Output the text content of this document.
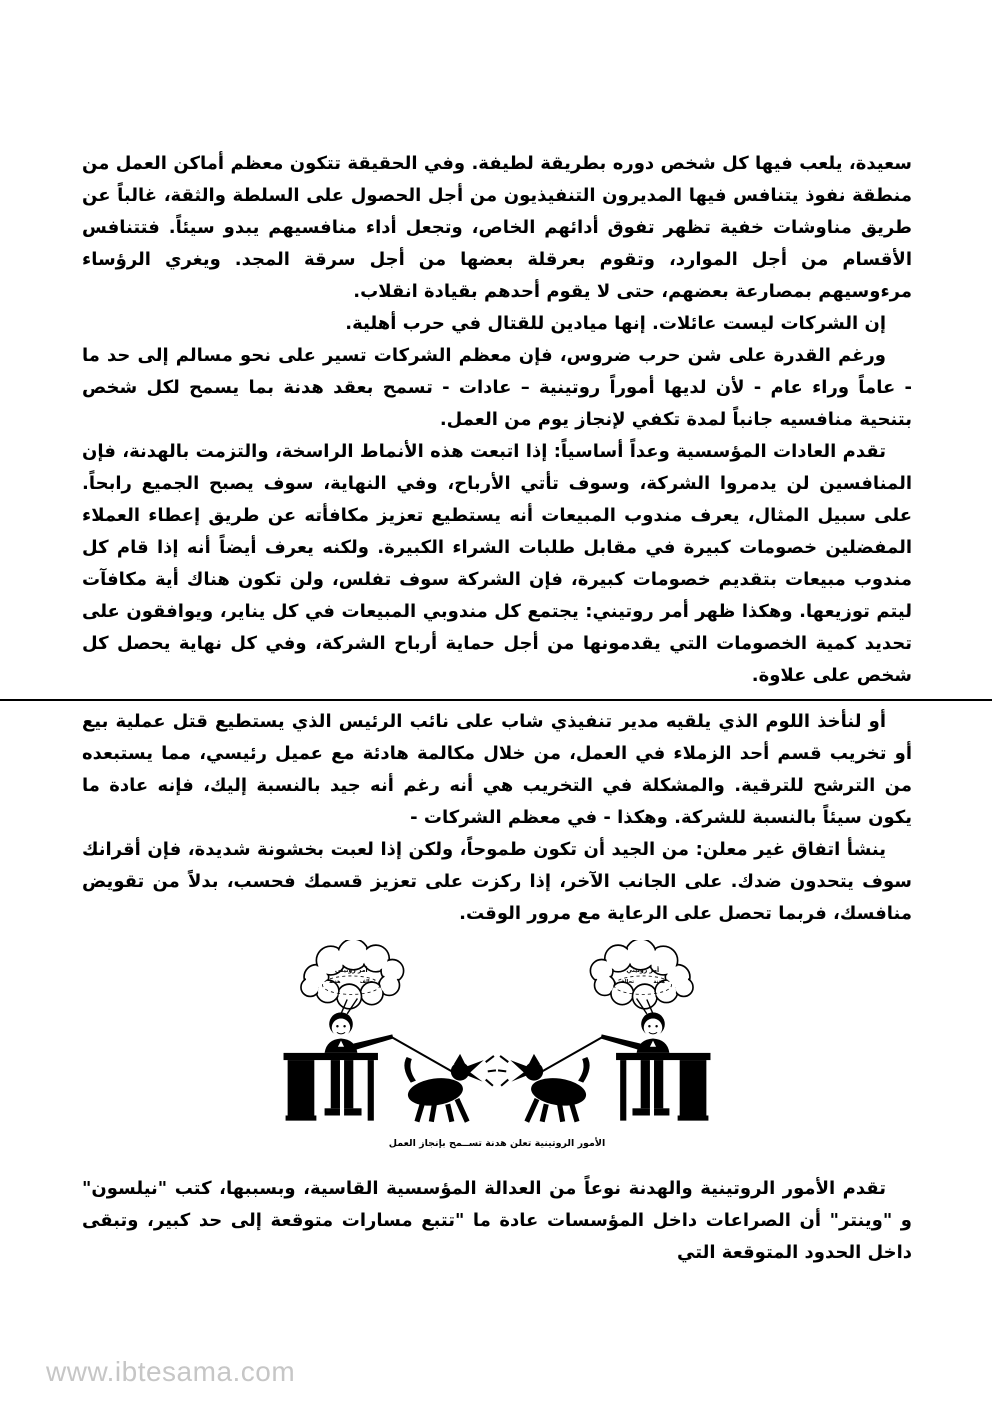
سعيدة، يلعب فيها كل شخص دوره بطريقة لطيفة. وفي الحقيقة تتكون معظم أماكن العمل من منطقة نفوذ يتنافس فيها المديرون التنفيذيون من أجل الحصول على السلطة والثقة، غالباً عن طريق مناوشات خفية تظهر تفوق أدائهم الخاص، وتجعل أداء منافسيهم يبدو سيئاً. فتتنافس الأقسام من أجل الموارد، وتقوم بعرقلة بعضها من أجل سرقة المجد. ويغري الرؤساء مرءوسيهم بمصارعة بعضهم، حتى لا يقوم أحدهم بقيادة انقلاب.

إن الشركات ليست عائلات. إنها ميادين للقتال في حرب أهلية.

ورغم القدرة على شن حرب ضروس، فإن معظم الشركات تسير على نحو مسالم إلى حد ما - عاماً وراء عام - لأن لديها أموراً روتينية – عادات - تسمح بعقد هدنة بما يسمح لكل شخص بتنحية منافسيه جانباً لمدة تكفي لإنجاز يوم من العمل.

تقدم العادات المؤسسية وعداً أساسياً: إذا اتبعت هذه الأنماط الراسخة، والتزمت بالهدنة، فإن المنافسين لن يدمروا الشركة، وسوف تأتي الأرباح، وفي النهاية، سوف يصبح الجميع رابحاً. على سبيل المثال، يعرف مندوب المبيعات أنه يستطيع تعزيز مكافأته عن طريق إعطاء العملاء المفضلين خصومات كبيرة في مقابل طلبات الشراء الكبيرة. ولكنه يعرف أيضاً أنه إذا قام كل مندوب مبيعات بتقديم خصومات كبيرة، فإن الشركة سوف تفلس، ولن تكون هناك أية مكافآت ليتم توزيعها. وهكذا ظهر أمر روتيني: يجتمع كل مندوبي المبيعات في كل يناير، ويوافقون على تحديد كمية الخصومات التي يقدمونها من أجل حماية أرباح الشركة، وفي كل نهاية يحصل كل شخص على علاوة.

أو لنأخذ اللوم الذي يلقيه مدير تنفيذي شاب على نائب الرئيس الذي يستطيع قتل عملية بيع أو تخريب قسم أحد الزملاء في العمل، من خلال مكالمة هادئة مع عميل رئيسي، مما يستبعده من الترشح للترقية. والمشكلة في التخريب هي أنه رغم أنه جيد بالنسبة إليك، فإنه عادة ما يكون سيئاً بالنسبة للشركة. وهكذا - في معظم الشركات -

ينشأ اتفاق غير معلن: من الجيد أن تكون طموحاً، ولكن إذا لعبت بخشونة شديدة، فإن أقرانك سوف يتحدون ضدك. على الجانب الآخر، إذا ركزت على تعزيز قسمك فحسب، بدلاً من تقويض منافسك، فربما تحصل على الرعاية مع مرور الوقت.

أمر روتيني
تحالف
هدنة
أمر روتيني
تحالف	هدنة

الأمور الروتينية تعلن هدنة تســمح بإنجاز العمل

تقدم الأمور الروتينية والهدنة نوعاً من العدالة المؤسسية القاسية، وبسببها، كتب "نيلسون" و "وينتر" أن الصراعات داخل المؤسسات عادة ما "تتبع مسارات متوقعة إلى حد كبير، وتبقى داخل الحدود المتوقعة التي

www.ibtesama.com
